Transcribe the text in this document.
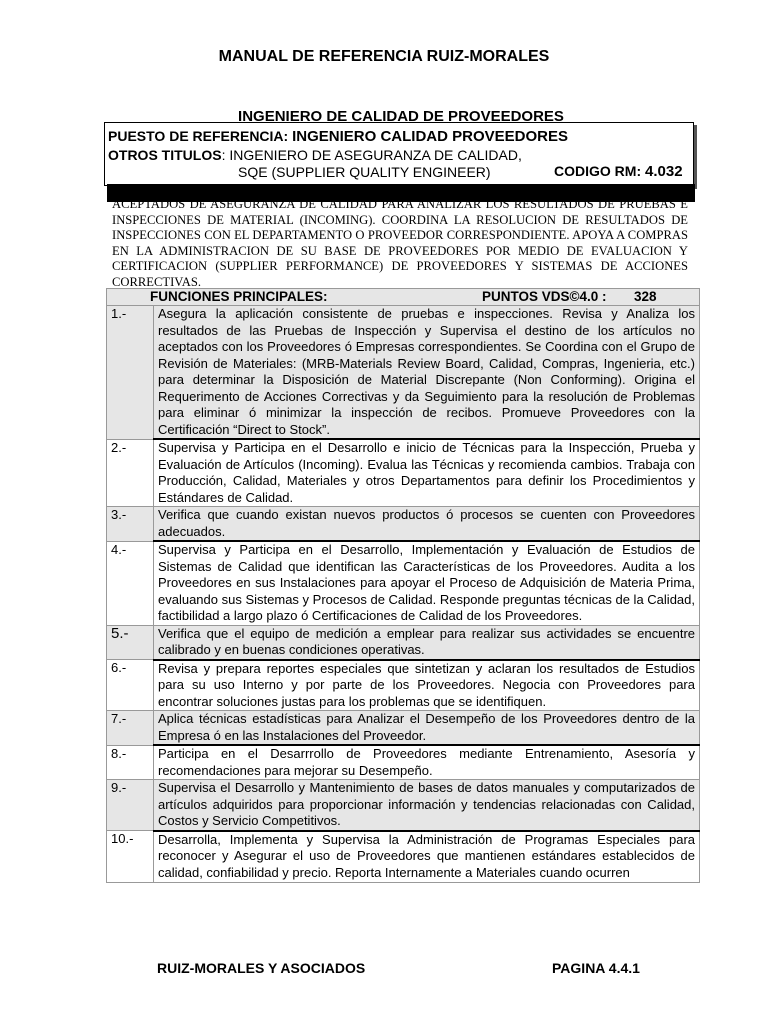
MANUAL DE REFERENCIA RUIZ-MORALES
INGENIERO DE CALIDAD DE PROVEEDORES
PUESTO DE REFERENCIA: INGENIERO CALIDAD PROVEEDORES
OTROS TITULOS: INGENIERO DE ASEGURANZA DE CALIDAD,
SQE (SUPPLIER QUALITY ENGINEER)	CODIGO RM: 4.032
ACEPTADOS DE ASEGURANZA DE CALIDAD PARA ANALIZAR LOS RESULTADOS DE PRUEBAS E INSPECCIONES DE MATERIAL (INCOMING). COORDINA LA RESOLUCION DE RESULTADOS DE INSPECCIONES CON EL DEPARTAMENTO O PROVEEDOR CORRESPONDIENTE. APOYA A COMPRAS EN LA ADMINISTRACION DE SU BASE DE PROVEEDORES POR MEDIO DE EVALUACION Y CERTIFICACION (SUPPLIER PERFORMANCE) DE PROVEEDORES Y SISTEMAS DE ACCIONES CORRECTIVAS.
FUNCIONES PRINCIPALES: PUNTOS VDS©4.0 : 328	

1.-	Asegura la aplicación consistente de pruebas e inspecciones. Revisa y Analiza los resultados de las Pruebas de Inspección y Supervisa el destino de los artículos no aceptados con los Proveedores ó Empresas correspondientes. Se Coordina con el Grupo de Revisión de Materiales: (MRB-Materials Review Board, Calidad, Compras, Ingenieria, etc.) para determinar la Disposición de Material Discrepante (Non Conforming). Origina el Requerimento de Acciones Correctivas y da Seguimiento para la resolución de Problemas para eliminar ó minimizar la inspección de recibos. Promueve Proveedores con la Certificación “Direct to Stock”.
2.-	Supervisa y Participa en el Desarrollo e inicio de Técnicas para la Inspección, Prueba y Evaluación de Artículos (Incoming). Evalua las Técnicas y recomienda cambios. Trabaja con Producción, Calidad, Materiales y otros Departamentos para definir los Procedimientos y Estándares de Calidad.
3.-	Verifica que cuando existan nuevos productos ó procesos se cuenten con Proveedores adecuados.
4.-	Supervisa y Participa en el Desarrollo, Implementación y Evaluación de Estudios de Sistemas de Calidad que identifican las Características de los Proveedores. Audita a los Proveedores en sus Instalaciones para apoyar el Proceso de Adquisición de Materia Prima, evaluando sus Sistemas y Procesos de Calidad. Responde preguntas técnicas de la Calidad, factibilidad a largo plazo ó Certificaciones de Calidad de los Proveedores.
5.-	Verifica que el equipo de medición a emplear para realizar sus actividades se encuentre calibrado y en buenas condiciones operativas.
6.-	Revisa y prepara reportes especiales que sintetizan y aclaran los resultados de Estudios para su uso Interno y por parte de los Proveedores. Negocia con Proveedores para encontrar soluciones justas para los problemas que se identifiquen.
7.-	Aplica técnicas estadísticas para Analizar el Desempeño de los Proveedores dentro de la Empresa ó en las Instalaciones del Proveedor.
8.-	Participa en el Desarrrollo de Proveedores mediante Entrenamiento, Asesoría y recomendaciones para mejorar su Desempeño.
9.-	Supervisa el Desarrollo y Mantenimiento de bases de datos manuales y computarizados de artículos adquiridos para proporcionar información y tendencias relacionadas con Calidad, Costos y Servicio Competitivos.
10.-	Desarrolla, Implementa y Supervisa la Administración de Programas Especiales para reconocer y Asegurar el uso de Proveedores que mantienen estándares establecidos de calidad, confiabilidad y precio. Reporta Internamente a Materiales cuando ocurren
RUIZ-MORALES Y ASOCIADOS	PAGINA 4.4.1
